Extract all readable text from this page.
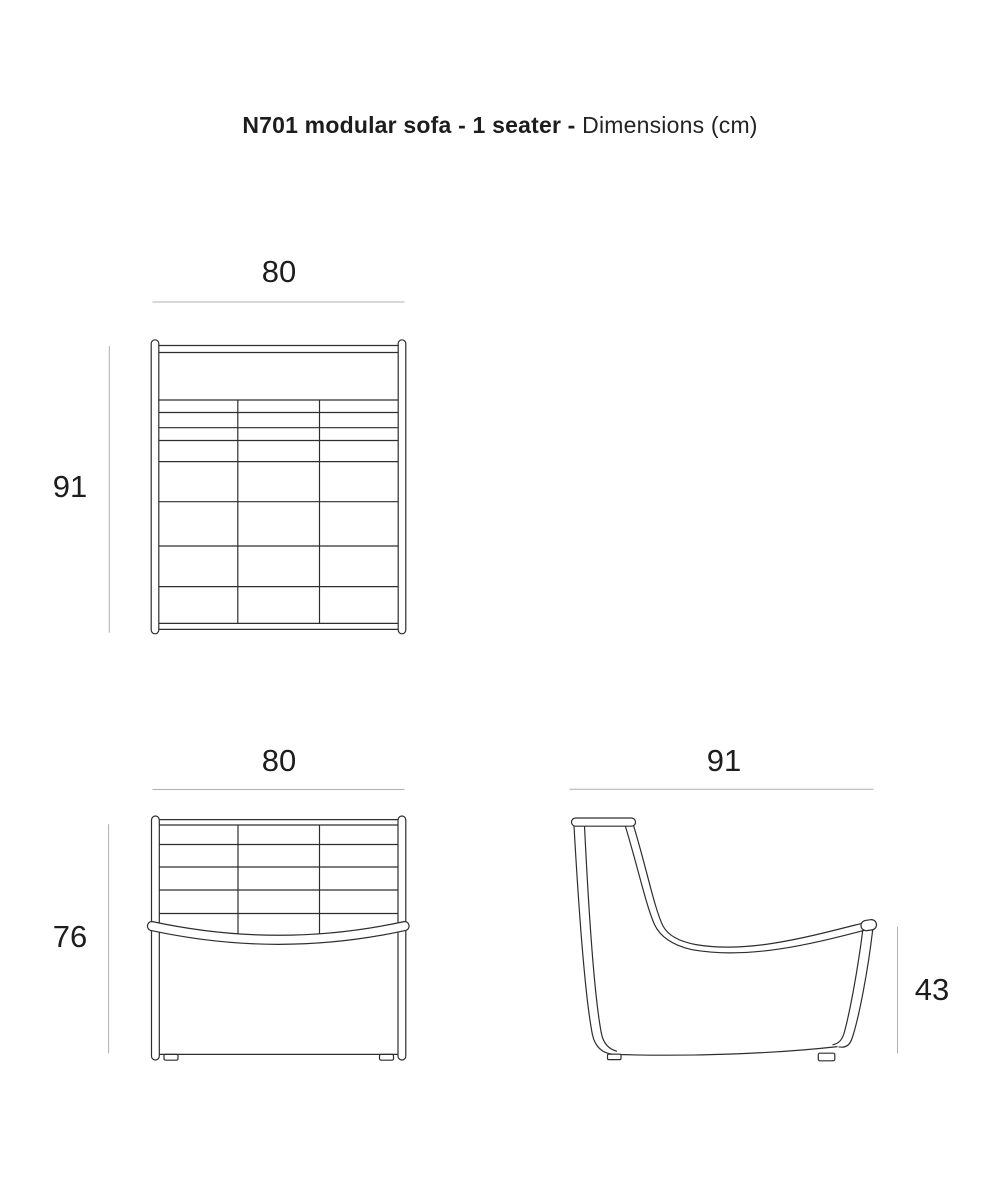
N701 modular sofa - 1 seater - Dimensions (cm)
80
91
80
76
91
43
